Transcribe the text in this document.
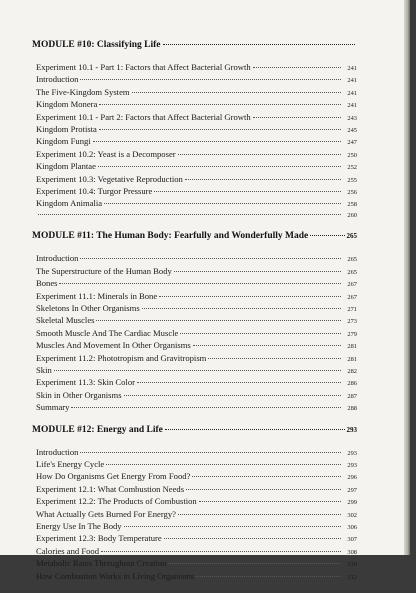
MODULE #10: Classifying Life
Experiment 10.1 - Part 1: Factors that Affect Bacterial Growth	241
Introduction	241
The Five-Kingdom System	241
Kingdom Monera	241
Experiment 10.1 - Part 2: Factors that Affect Bacterial Growth	243
Kingdom Protista	245
Kingdom Fungi	247
Experiment 10.2: Yeast is a Decomposer	250
Kingdom Plantae	252
Experiment 10.3: Vegetative Reproduction	255
Experiment 10.4: Turgor Pressure	256
Kingdom Animalia	258
260
MODULE #11: The Human Body: Fearfully and Wonderfully Made	265
Introduction	265
The Superstructure of the Human Body	265
Bones	267
Experiment 11.1: Minerals in Bone	267
Skeletons In Other Organisms	271
Skeletal Muscles	273
Smooth Muscle And The Cardiac Muscle	279
Muscles And Movement In Other Organisms	281
Experiment 11.2: Phototropism and Gravitropism	281
Skin	282
Experiment 11.3: Skin Color	286
Skin in Other Organisms	287
Summary	288
MODULE #12: Energy and Life	293
Introduction	293
Life's Energy Cycle	293
How Do Organisms Get Energy From Food?	296
Experiment 12.1: What Combustion Needs	297
Experiment 12.2: The Products of Combustion	299
What Actually Gets Burned For Energy?	302
Energy Use In The Body	306
Experiment 12.3: Body Temperature	307
Calories and Food	308
Metabolic Rates Throughout Creation	310
How Combustion Works in Living Organisms	312
